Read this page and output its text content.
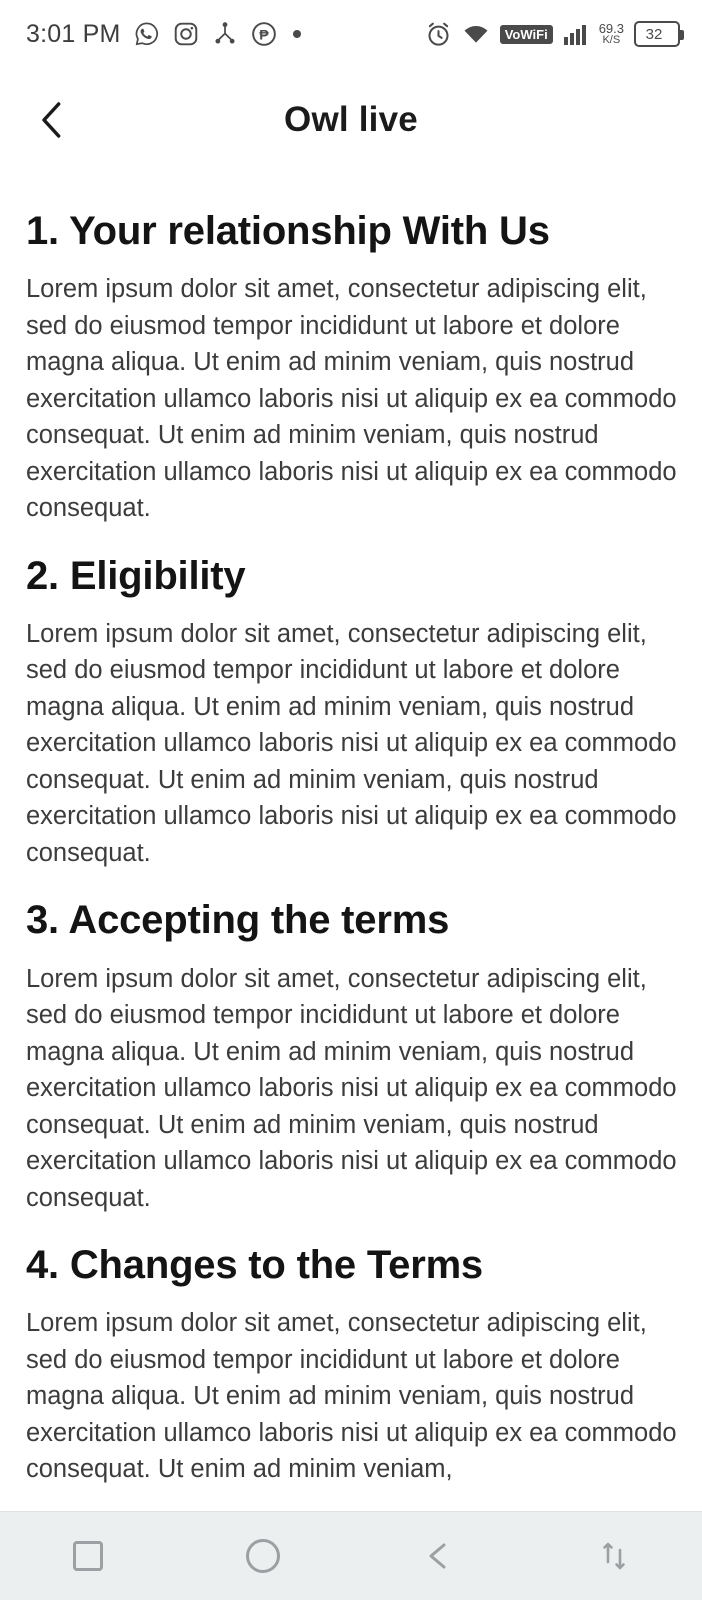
3:01 PM	₱	VoWiFi	69.3
K/S 32
Owl live
1. Your relationship With Us

Lorem ipsum dolor sit amet, consectetur adipiscing elit, sed do eiusmod tempor incididunt ut labore et dolore magna aliqua. Ut enim ad minim veniam, quis nostrud exercitation ullamco laboris nisi ut aliquip ex ea commodo consequat. Ut enim ad minim veniam, quis nostrud exercitation ullamco laboris nisi ut aliquip ex ea commodo consequat.

2. Eligibility

Lorem ipsum dolor sit amet, consectetur adipiscing elit, sed do eiusmod tempor incididunt ut labore et dolore magna aliqua. Ut enim ad minim veniam, quis nostrud exercitation ullamco laboris nisi ut aliquip ex ea commodo consequat. Ut enim ad minim veniam, quis nostrud exercitation ullamco laboris nisi ut aliquip ex ea commodo consequat.

3. Accepting the terms

Lorem ipsum dolor sit amet, consectetur adipiscing elit, sed do eiusmod tempor incididunt ut labore et dolore magna aliqua. Ut enim ad minim veniam, quis nostrud exercitation ullamco laboris nisi ut aliquip ex ea commodo consequat. Ut enim ad minim veniam, quis nostrud exercitation ullamco laboris nisi ut aliquip ex ea commodo consequat.

4. Changes to the Terms

Lorem ipsum dolor sit amet, consectetur adipiscing elit, sed do eiusmod tempor incididunt ut labore et dolore magna aliqua. Ut enim ad minim veniam, quis nostrud exercitation ullamco laboris nisi ut aliquip ex ea commodo consequat. Ut enim ad minim veniam,
